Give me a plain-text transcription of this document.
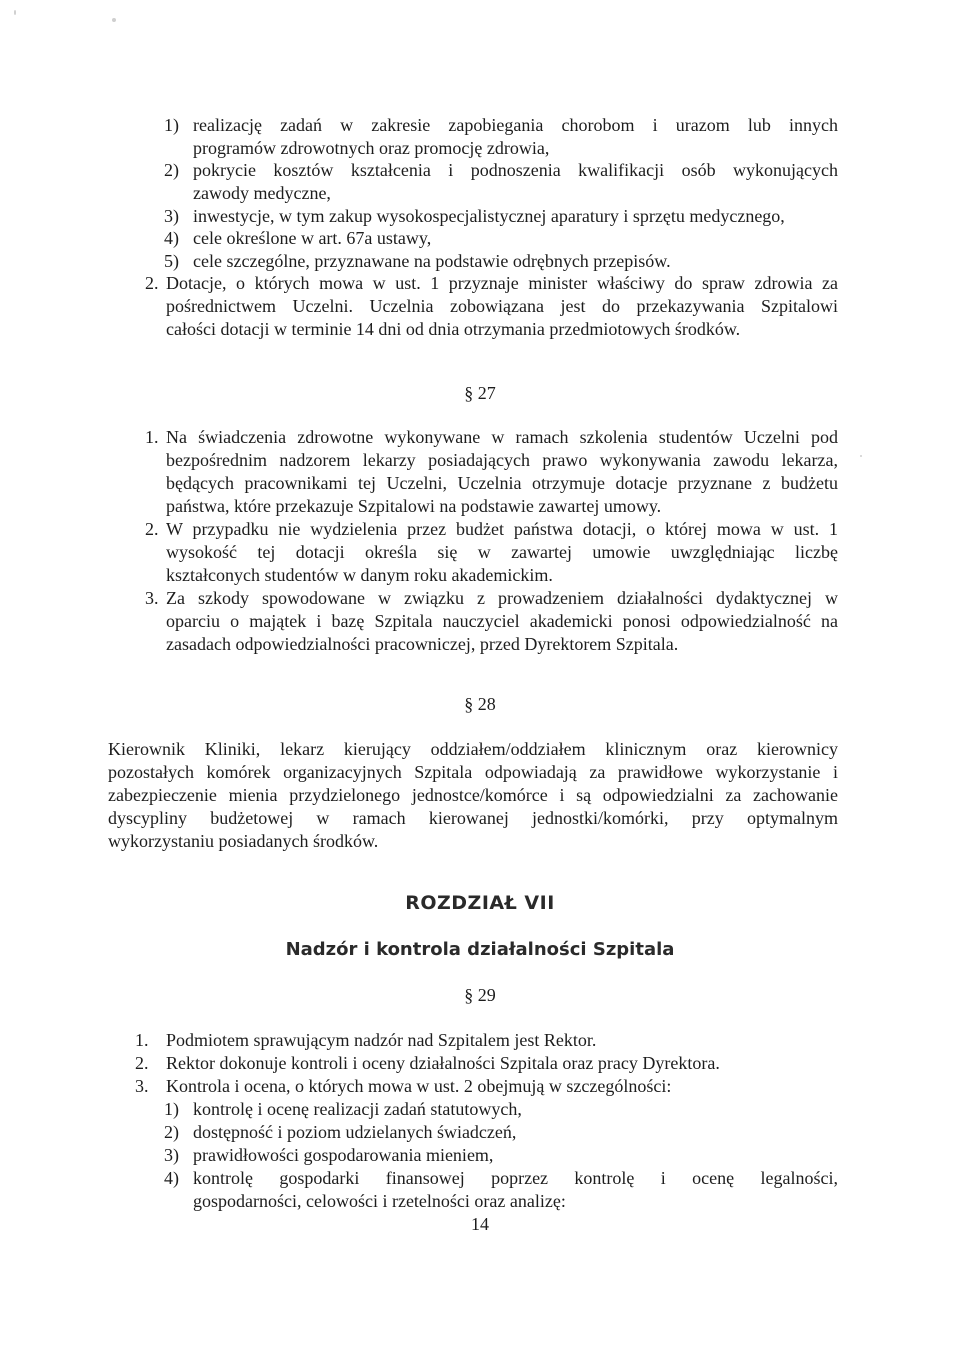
1) realizację zadań w zakresie zapobiegania chorobom i urazom lub innych
programów zdrowotnych oraz promocję zdrowia,
2) pokrycie kosztów kształcenia i podnoszenia kwalifikacji osób wykonujących
zawody medyczne,
3) inwestycje, w tym zakup wysokospecjalistycznej aparatury i sprzętu medycznego,
4) cele określone w art. 67a ustawy,
5) cele szczególne, przyznawane na podstawie odrębnych przepisów.
2. Dotacje, o których mowa w ust. 1 przyznaje minister właściwy do spraw zdrowia za
pośrednictwem Uczelni. Uczelnia zobowiązana jest do przekazywania Szpitalowi
całości dotacji w terminie 14 dni od dnia otrzymania przedmiotowych środków.
§ 27
1. Na świadczenia zdrowotne wykonywane w ramach szkolenia studentów Uczelni pod
bezpośrednim nadzorem lekarzy posiadających prawo wykonywania zawodu lekarza,
będących pracownikami tej Uczelni, Uczelnia otrzymuje dotacje przyznane z budżetu
państwa, które przekazuje Szpitalowi na podstawie zawartej umowy.
2. W przypadku nie wydzielenia przez budżet państwa dotacji, o której mowa w ust. 1
wysokość tej dotacji określa się w zawartej umowie uwzględniając liczbę
kształconych studentów w danym roku akademickim.
3. Za szkody spowodowane w związku z prowadzeniem działalności dydaktycznej w
oparciu o majątek i bazę Szpitala nauczyciel akademicki ponosi odpowiedzialność na
zasadach odpowiedzialności pracowniczej, przed Dyrektorem Szpitala.
§ 28
Kierownik Kliniki, lekarz kierujący oddziałem/oddziałem klinicznym oraz kierownicy
pozostałych komórek organizacyjnych Szpitala odpowiadają za prawidłowe wykorzystanie i
zabezpieczenie mienia przydzielonego jednostce/komórce i są odpowiedzialni za zachowanie
dyscypliny budżetowej w ramach kierowanej jednostki/komórki, przy optymalnym
wykorzystaniu posiadanych środków.
ROZDZIAŁ VII
Nadzór i kontrola działalności Szpitala
§ 29
1. Podmiotem sprawującym nadzór nad Szpitalem jest Rektor.
2. Rektor dokonuje kontroli i oceny działalności Szpitala oraz pracy Dyrektora.
3. Kontrola i ocena, o których mowa w ust. 2 obejmują w szczególności:
1) kontrolę i ocenę realizacji zadań statutowych,
2) dostępność i poziom udzielanych świadczeń,
3) prawidłowości gospodarowania mieniem,
4) kontrolę gospodarki finansowej poprzez kontrolę i ocenę legalności,
gospodarności, celowości i rzetelności oraz analizę:
14
